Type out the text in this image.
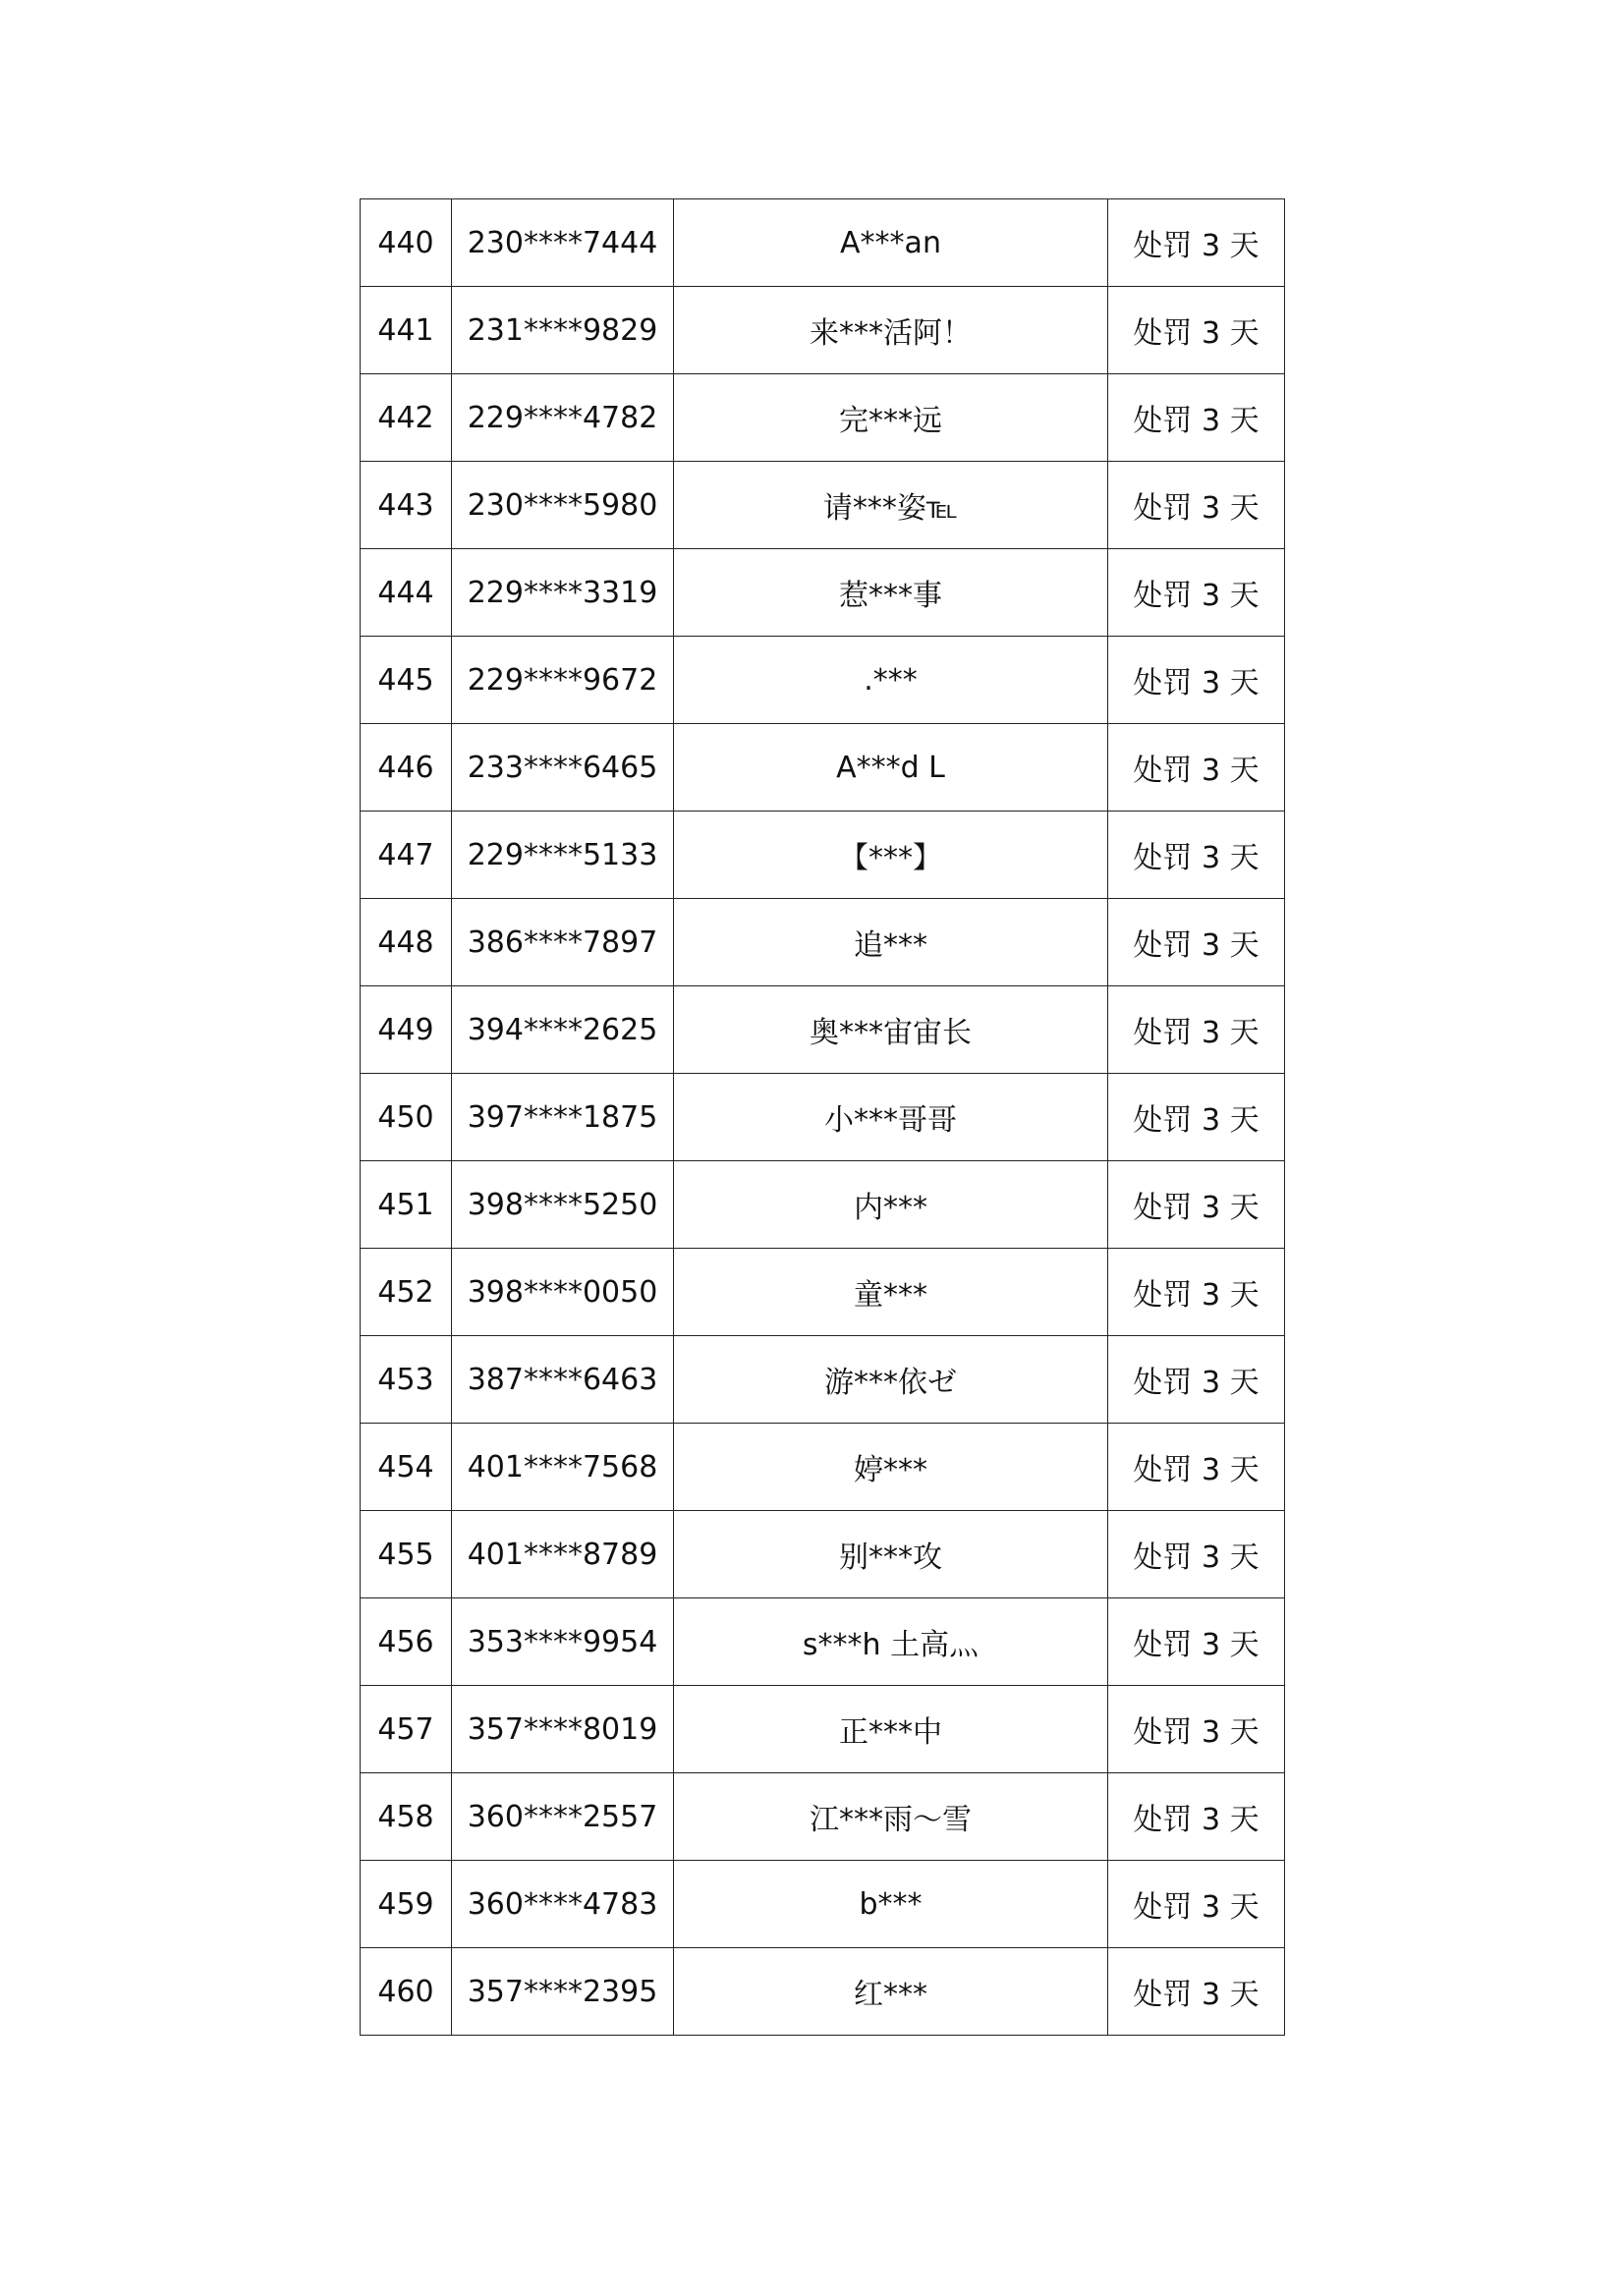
440	230****7444	A***an	处罚 3 天
441	231****9829	来***活阿！	处罚 3 天
442	229****4782	完***远	处罚 3 天
443	230****5980	请***姿℡	处罚 3 天
444	229****3319	惹***事	处罚 3 天
445	229****9672	.***	处罚 3 天
446	233****6465	A***d L	处罚 3 天
447	229****5133	【***】	处罚 3 天
448	386****7897	追***	处罚 3 天
449	394****2625	奥***宙宙长	处罚 3 天
450	397****1875	小***哥哥	处罚 3 天
451	398****5250	内***	处罚 3 天
452	398****0050	童***	处罚 3 天
453	387****6463	游***依ゼ	处罚 3 天
454	401****7568	婷***	处罚 3 天
455	401****8789	别***攻	处罚 3 天
456	353****9954	s***h 土高灬	处罚 3 天
457	357****8019	正***中	处罚 3 天
458	360****2557	江***雨～雪	处罚 3 天
459	360****4783	b***	处罚 3 天
460	357****2395	红***	处罚 3 天
